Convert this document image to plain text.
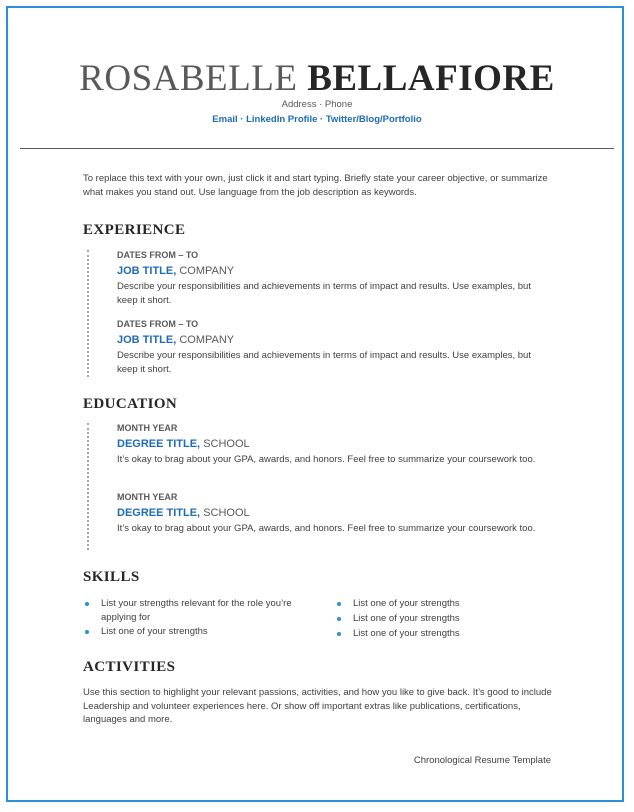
ROSABELLE BELLAFIORE
Address · Phone
Email · LinkedIn Profile · Twitter/Blog/Portfolio
To replace this text with your own, just click it and start typing. Briefly state your career objective, or summarize what makes you stand out. Use language from the job description as keywords.
EXPERIENCE
DATES FROM – TO
JOB TITLE, COMPANY
Describe your responsibilities and achievements in terms of impact and results. Use examples, but keep it short.
DATES FROM – TO
JOB TITLE, COMPANY
Describe your responsibilities and achievements in terms of impact and results. Use examples, but keep it short.
EDUCATION
MONTH YEAR
DEGREE TITLE, SCHOOL
It’s okay to brag about your GPA, awards, and honors. Feel free to summarize your coursework too.
MONTH YEAR
DEGREE TITLE, SCHOOL
It’s okay to brag about your GPA, awards, and honors. Feel free to summarize your coursework too.
SKILLS
List your strengths relevant for the role you’re applying for
List one of your strengths
List one of your strengths
List one of your strengths
List one of your strengths
ACTIVITIES
Use this section to highlight your relevant passions, activities, and how you like to give back. It’s good to include Leadership and volunteer experiences here. Or show off important extras like publications, certifications, languages and more.
Chronological Resume Template
